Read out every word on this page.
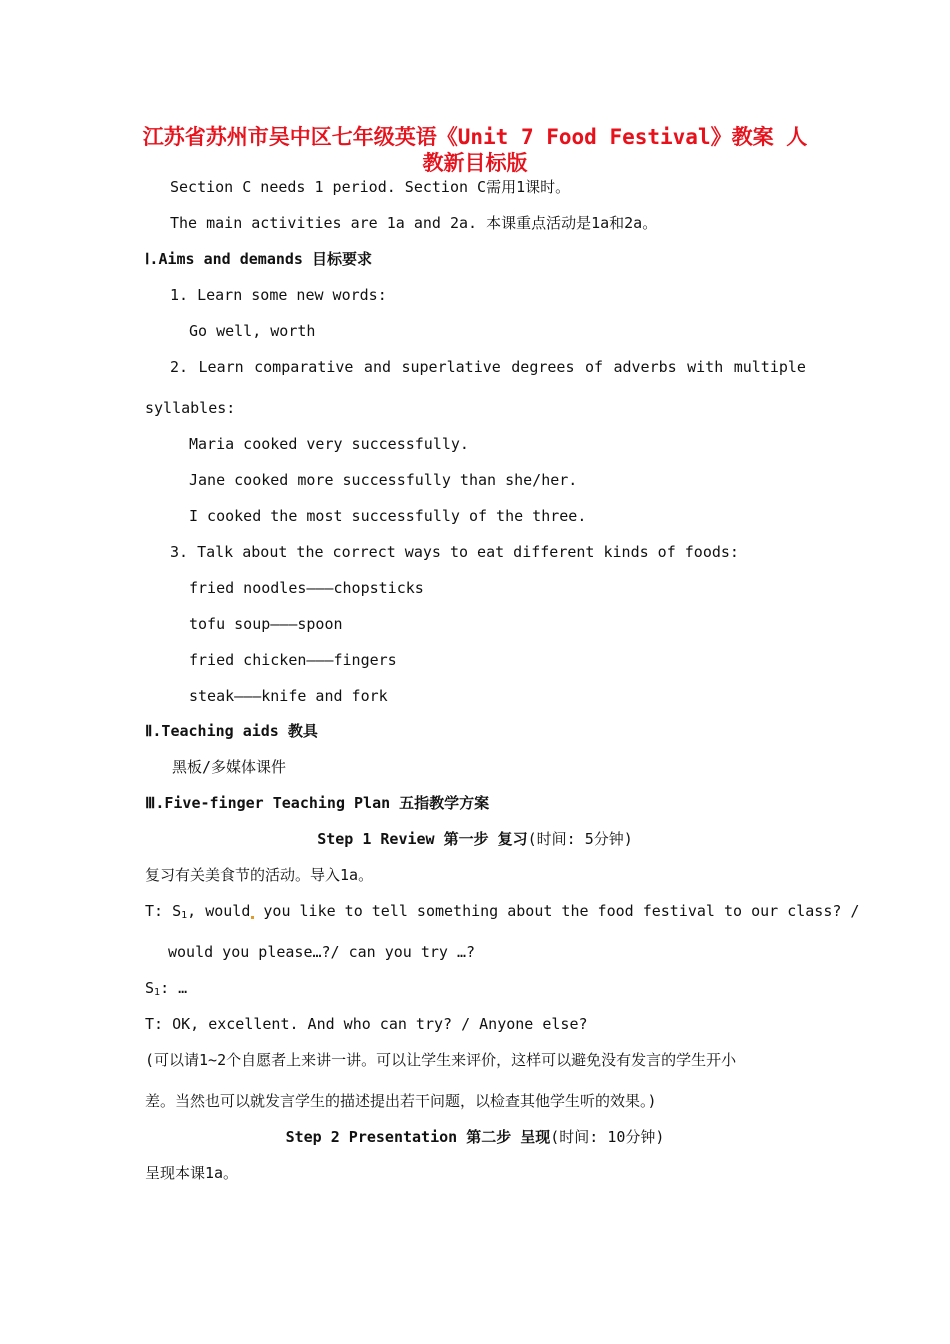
江苏省苏州市吴中区七年级英语《Unit 7 Food Festival》教案 人
教新目标版
Section C needs 1 period. Section C需用1课时。
The main activities are 1a and 2a. 本课重点活动是1a和2a。
Ⅰ.Aims and demands 目标要求
1. Learn some new words:
Go well, worth
2. Learn comparative and superlative degrees of adverbs with multiple
syllables:
Maria cooked very successfully.
Jane cooked more successfully than she/her.
I cooked the most successfully of the three.
3. Talk about the correct ways to eat different kinds of foods:
fried noodles———chopsticks
tofu soup———spoon
fried chicken———fingers
steak———knife and fork
Ⅱ.Teaching aids 教具
黑板/多媒体课件
Ⅲ.Five-finger Teaching Plan 五指教学方案
Step 1 Review 第一步 复习(时间: 5分钟)
复习有关美食节的活动。导入1a。
T: $S_1$, would you like to tell something about the food festival to our class? /
would you please…?/ can you try …?
$S_1$: …
T: OK, excellent. And who can try? / Anyone else?
(可以请1~2个自愿者上来讲一讲。可以让学生来评价，这样可以避免没有发言的学生开小
差。当然也可以就发言学生的描述提出若干问题，以检查其他学生听的效果。)
Step 2 Presentation 第二步 呈现(时间: 10分钟)
呈现本课1a。
